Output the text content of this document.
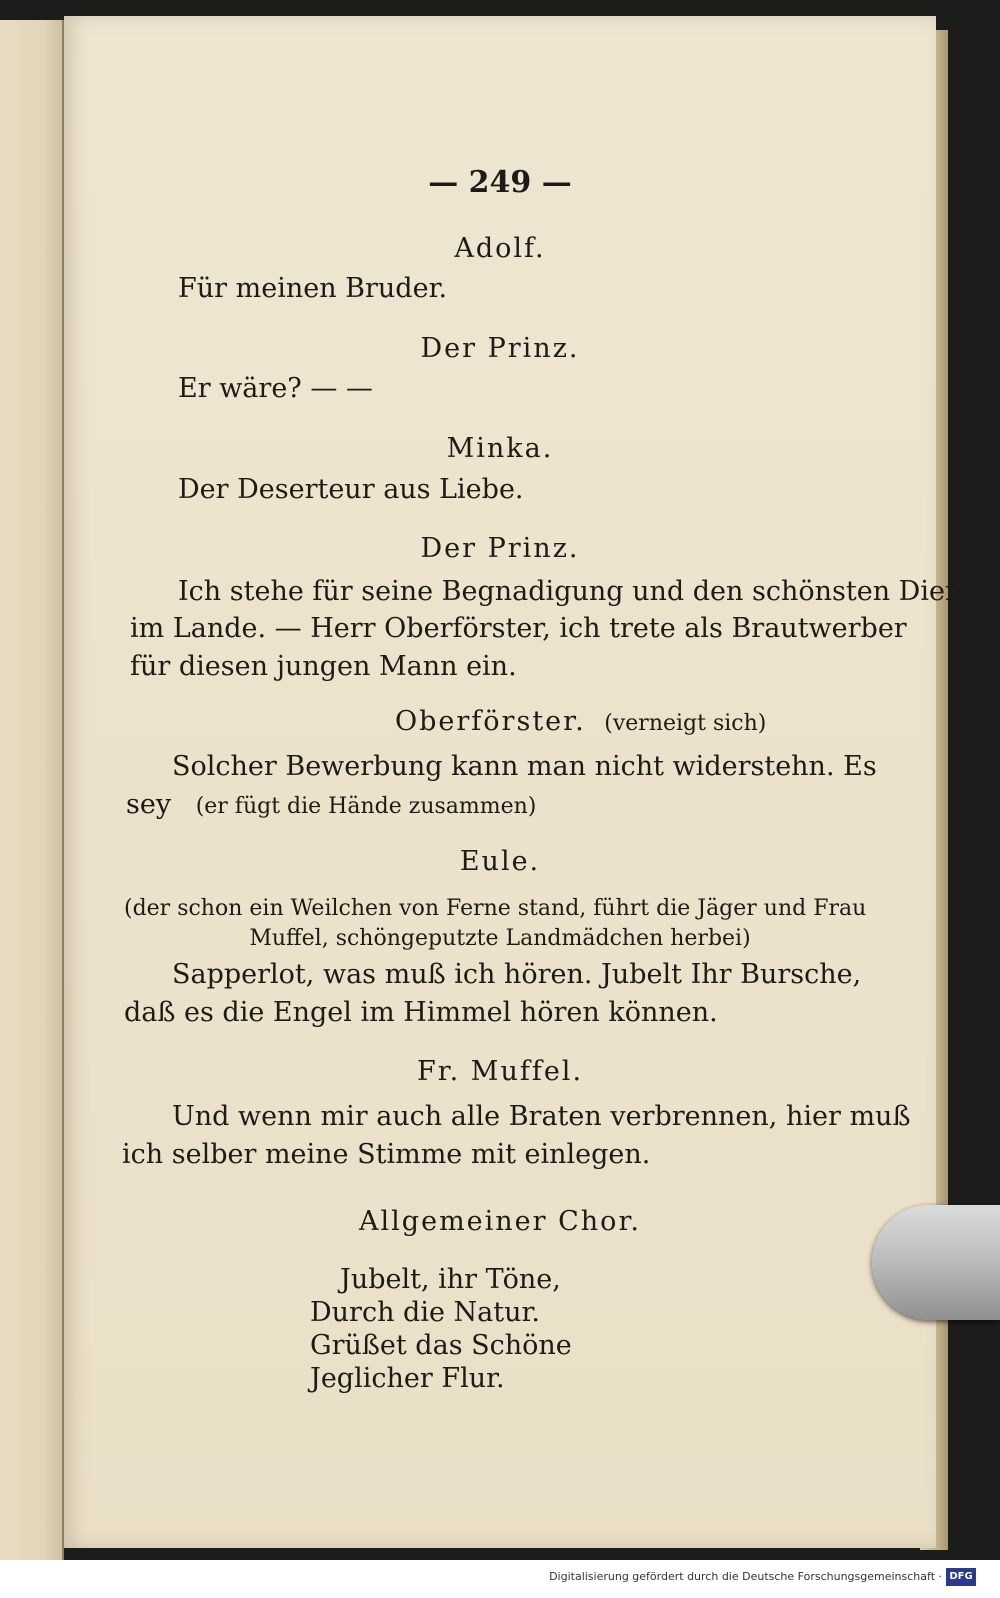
— 249 —
Adolf.
Für meinen Bruder.
Der Prinz.
Er wäre? — —
Minka.
Der Deserteur aus Liebe.
Der Prinz.
Ich stehe für seine Begnadigung und den schönsten Dienst
im Lande. — Herr Oberförster, ich trete als Brautwerber
für diesen jungen Mann ein.
Oberförster. (verneigt sich)
Solcher Bewerbung kann man nicht widerstehn. Es
sey (er fügt die Hände zusammen)
Eule.
(der schon ein Weilchen von Ferne stand, führt die Jäger und Frau
Muffel, schöngeputzte Landmädchen herbei)
Sapperlot, was muß ich hören. Jubelt Ihr Bursche,
daß es die Engel im Himmel hören können.
Fr. Muffel.
Und wenn mir auch alle Braten verbrennen, hier muß
ich selber meine Stimme mit einlegen.
Allgemeiner Chor.
Jubelt, ihr Töne,
Durch die Natur.
Grüßet das Schöne
Jeglicher Flur.
Digitalisierung gefördert durch die Deutsche Forschungsgemeinschaft · DFG
